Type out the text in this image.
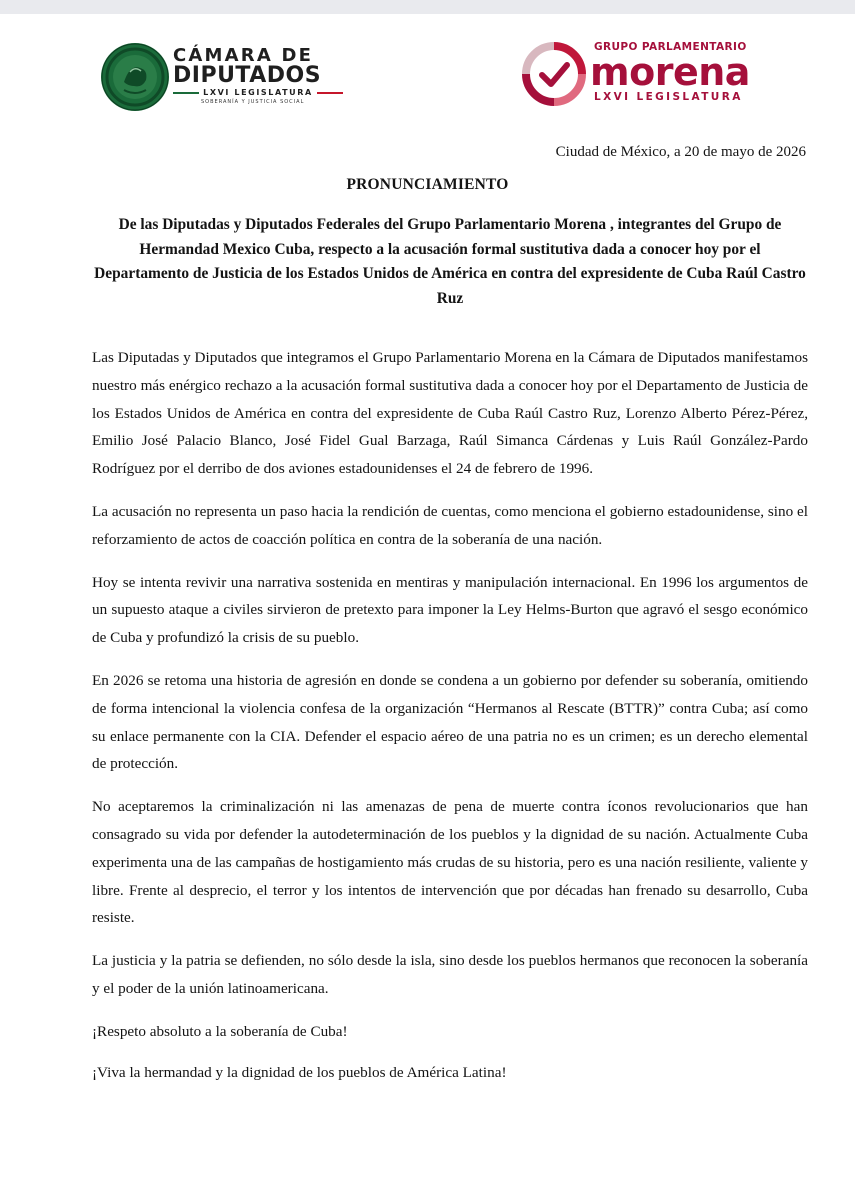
CÁMARA DE
DIPUTADOS
LXVI LEGISLATURA
SOBERANÍA Y JUSTICIA SOCIAL
GRUPO PARLAMENTARIO
morena
LXVI LEGISLATURA
Ciudad de México, a 20 de mayo de 2026
PRONUNCIAMIENTO
De las Diputadas y Diputados Federales del Grupo Parlamentario Morena , integrantes del Grupo de Hermandad Mexico Cuba, respecto a la acusación formal sustitutiva dada a conocer hoy por el Departamento de Justicia de los Estados Unidos de América en contra del expresidente de Cuba Raúl Castro Ruz

Las Diputadas y Diputados que integramos el Grupo Parlamentario Morena en la Cámara de Diputados manifestamos nuestro más enérgico rechazo a la acusación formal sustitutiva dada a conocer hoy por el Departamento de Justicia de los Estados Unidos de América en contra del expresidente de Cuba Raúl Castro Ruz, Lorenzo Alberto Pérez-Pérez, Emilio José Palacio Blanco, José Fidel Gual Barzaga, Raúl Simanca Cárdenas y Luis Raúl González-Pardo Rodríguez por el derribo de dos aviones estadounidenses el 24 de febrero de 1996.

La acusación no representa un paso hacia la rendición de cuentas, como menciona el gobierno estadounidense, sino el reforzamiento de actos de coacción política en contra de la soberanía de una nación.

Hoy se intenta revivir una narrativa sostenida en mentiras y manipulación internacional. En 1996 los argumentos de un supuesto ataque a civiles sirvieron de pretexto para imponer la Ley Helms-Burton que agravó el sesgo económico de Cuba y profundizó la crisis de su pueblo.

En 2026 se retoma una historia de agresión en donde se condena a un gobierno por defender su soberanía, omitiendo de forma intencional la violencia confesa de la organización “Hermanos al Rescate (BTTR)” contra Cuba; así como su enlace permanente con la CIA. Defender el espacio aéreo de una patria no es un crimen; es un derecho elemental de protección.

No aceptaremos la criminalización ni las amenazas de pena de muerte contra íconos revolucionarios que han consagrado su vida por defender la autodeterminación de los pueblos y la dignidad de su nación. Actualmente Cuba experimenta una de las campañas de hostigamiento más crudas de su historia, pero es una nación resiliente, valiente y libre. Frente al desprecio, el terror y los intentos de intervención que por décadas han frenado su desarrollo, Cuba resiste.

La justicia y la patria se defienden, no sólo desde la isla, sino desde los pueblos hermanos que reconocen la soberanía y el poder de la unión latinoamericana.

¡Respeto absoluto a la soberanía de Cuba!

¡Viva la hermandad y la dignidad de los pueblos de América Latina!
